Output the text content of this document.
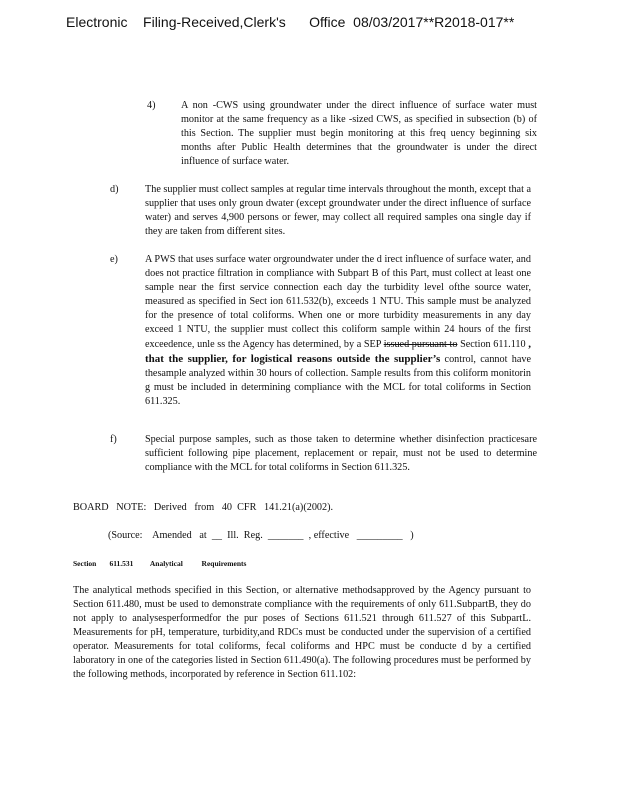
Electronic    Filing-Received,Clerk's      Office  08/03/2017**R2018-017**
4)	A non -CWS using groundwater under the direct influence of surface water must monitor at the same frequency as a like -sized CWS, as specified in subsection (b) of this Section. The supplier must begin monitoring at this freq uency beginning six months after Public Health determines that the groundwater is under the direct influence of surface water.
d)	The supplier must collect samples at regular time intervals throughout the month, except that a supplier that uses only groun dwater (except groundwater under the direct influence of surface water) and serves 4,900 persons or fewer, may collect all required samples ona single day if they are taken from different sites.
e)	A PWS that uses surface water orgroundwater under the d irect influence of surface water, and does not practice filtration in compliance with Subpart B of this Part, must collect at least one sample near the first service connection each day the turbidity level ofthe source water, measured as specified in Sect ion 611.532(b), exceeds 1 NTU. This sample must be analyzed for the presence of total coliforms. When one or more turbidity measurements in any day exceed 1 NTU, the supplier must collect this coliform sample within 24 hours of the first exceedence, unle ss the Agency has determined, by a SEP issued pursuant to Section 611.110 , that the supplier, for logistical reasons outside the supplier’s control, cannot have thesample analyzed within 30 hours of collection. Sample results from this coliform monitorin g must be included in determining compliance with the MCL for total coliforms in Section 611.325.
f)	Special purpose samples, such as those taken to determine whether disinfection practicesare sufficient following pipe placement, replacement or repair, must not be used to determine compliance with the MCL for total coliforms in Section 611.325.
BOARD   NOTE:   Derived   from   40  CFR   141.21(a)(2002).
(Source:    Amended   at  __  Ill.  Reg.  _______  , effective   _________   )
Section       611.531         Analytical          Requirements
The analytical methods specified in this Section, or alternative methodsapproved by the Agency pursuant to Section 611.480, must be used to demonstrate compliance with the requirements of only 611.SubpartB, they do not apply to analysesperformedfor the pur poses of Sections 611.521 through 611.527 of this SubpartL. Measurements for pH, temperature, turbidity,and RDCs must be conducted under the supervision of a certified operator. Measurements for total coliforms, fecal coliforms and HPC must be conducte d by a certified laboratory in one of the categories listed in Section 611.490(a). The following procedures must be performed by the following methods, incorporated by reference in Section 611.102:
